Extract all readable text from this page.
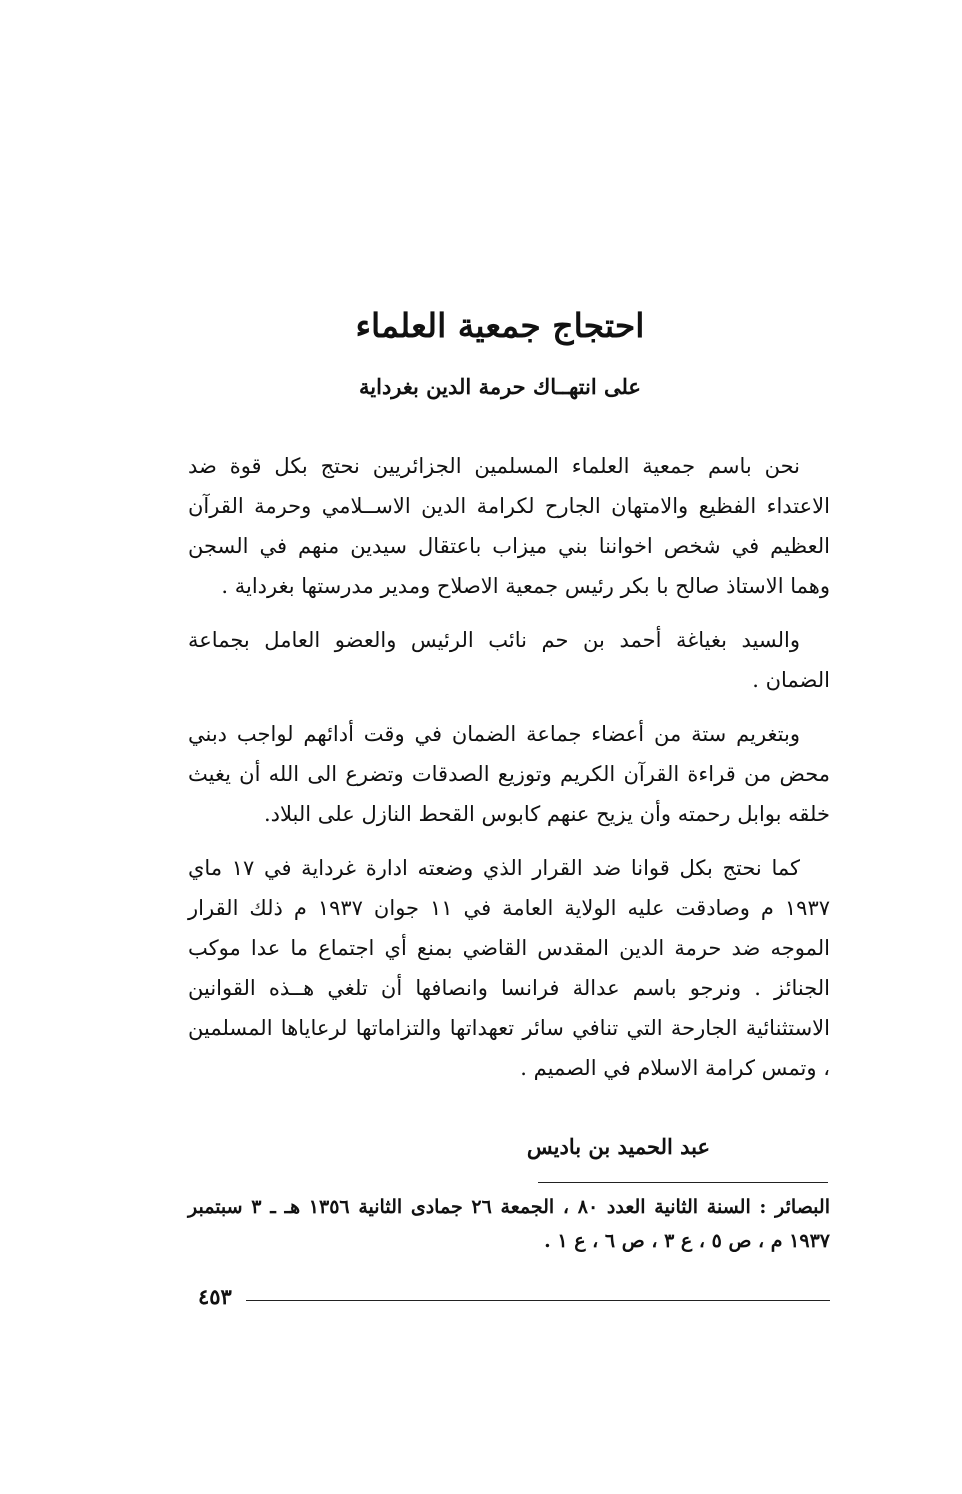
احتجاج جمعية العلماء
على انتهــاك حرمة الدين بغرداية

نحن باسم جمعية العلماء المسلمين الجزائريين نحتج بكل قوة ضد الاعتداء الفظيع والامتهان الجارح لكرامة الدين الاســلامي وحرمة القرآن العظيم في شخص اخواننا بني ميزاب باعتقال سيدين منهم في السجن وهما الاستاذ صالح با بكر رئيس جمعية الاصلاح ومدير مدرستها بغرداية .

والسيد بغياغة أحمد بن حم نائب الرئيس والعضو العامل بجماعة الضمان .

وبتغريم ستة من أعضاء جماعة الضمان في وقت أدائهم لواجب دبني محض من قراءة القرآن الكريم وتوزيع الصدقات وتضرع الى الله أن يغيث خلقه بوابل رحمته وأن يزيح عنهم كابوس القحط النازل على البلاد.

كما نحتج بكل قوانا ضد القرار الذي وضعته ادارة غرداية في ١٧ ماي ١٩٣٧ م وصادقت عليه الولاية العامة في ١١ جوان ١٩٣٧ م ذلك القرار الموجه ضد حرمة الدين المقدس القاضي بمنع أي اجتماع ما عدا موكب الجنائز . ونرجو باسم عدالة فرانسا وانصافها أن تلغي هــذه القوانين الاستثنائية الجارحة التي تنافي سائر تعهداتها والتزاماتها لرعاياها المسلمين ، وتمس كرامة الاسلام في الصميم .

عبد الحميد بن باديس

البصائر : السنة الثانية العدد ٨٠ ، الجمعة ٢٦ جمادى الثانية ١٣٥٦ هـ ـ ٣ سبتمبر ١٩٣٧ م ، ص ٥ ، ع ٣ ، ص ٦ ، ع ١ .

٤٥٣
